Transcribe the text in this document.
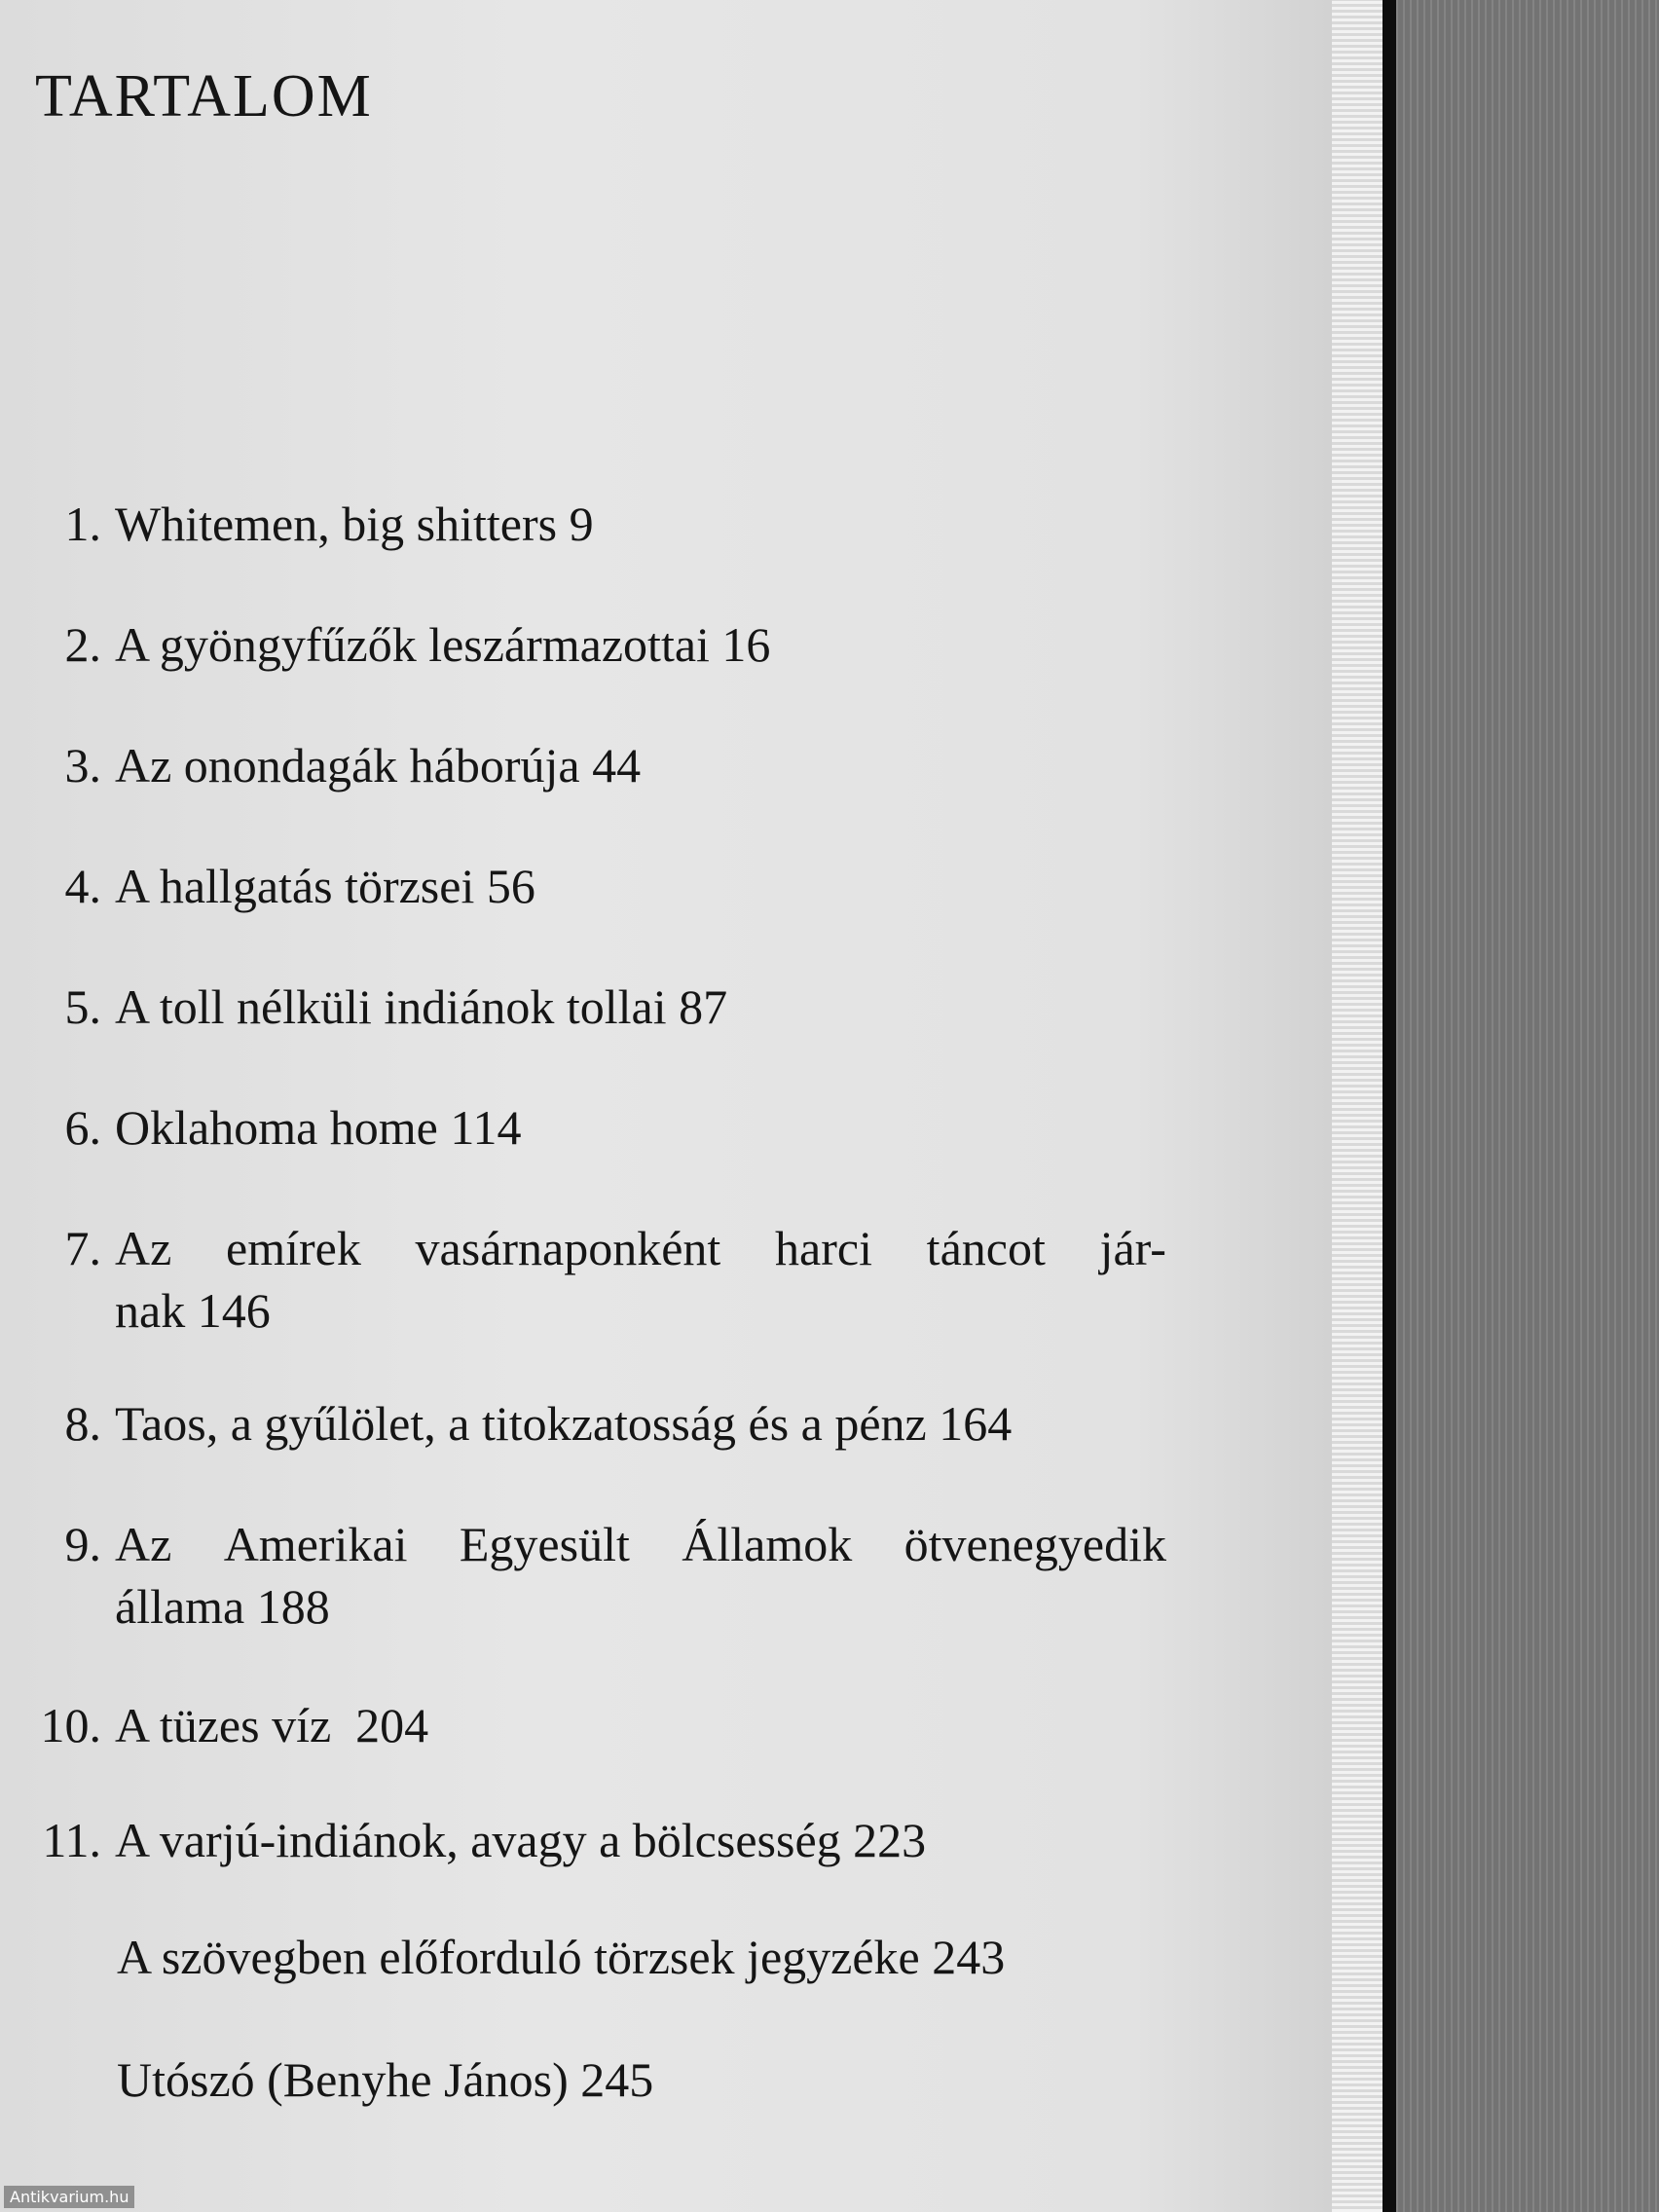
TARTALOM
1. Whitemen, big shitters 9
2. A gyöngyfűzők leszármazottai 16
3. Az onondagák háborúja 44
4. A hallgatás törzsei 56
5. A toll nélküli indiánok tollai 87
6. Oklahoma home 114
7. Az emírek vasárnaponként harci táncot jár-
nak 146
8. Taos, a gyűlölet, a titokzatosság és a pénz 164
9. Az Amerikai Egyesült Államok ötvenegyedik
állama 188
10. A tüzes víz  204
11. A varjú-indiánok, avagy a bölcsesség 223
A szövegben előforduló törzsek jegyzéke 243
Utószó (Benyhe János) 245
Antikvarium.hu
